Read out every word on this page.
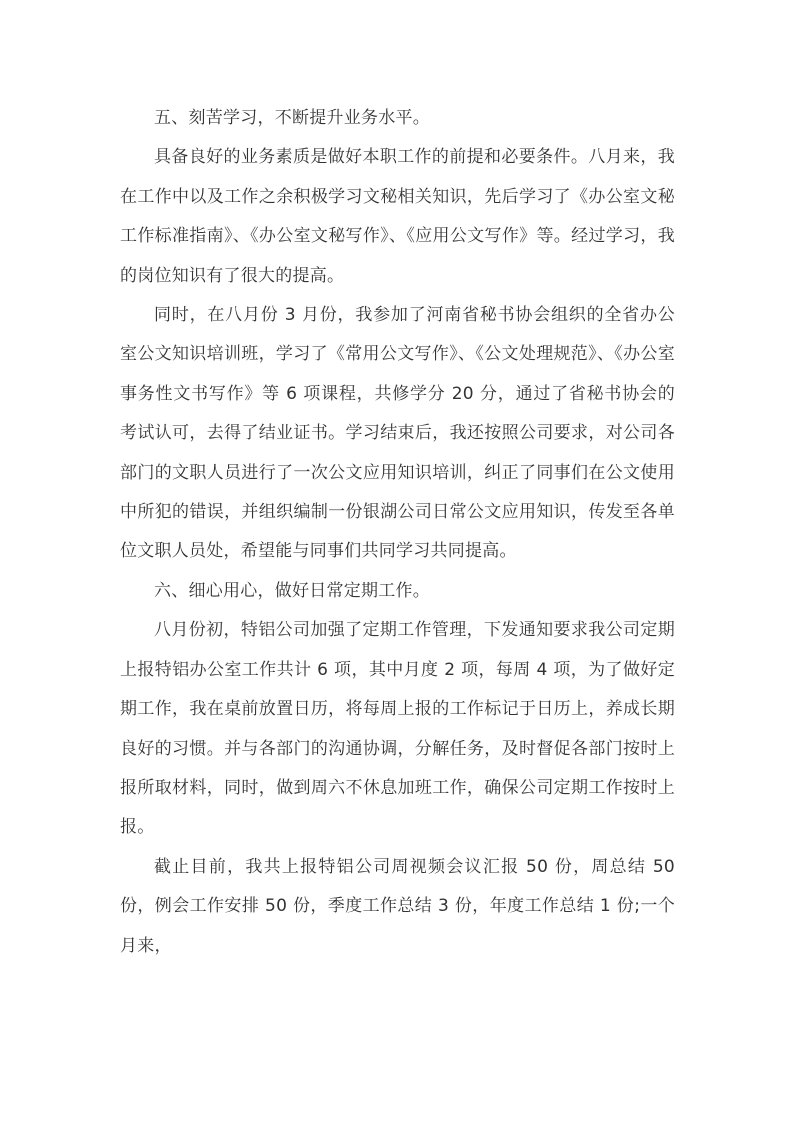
五、刻苦学习，不断提升业务水平。

具备良好的业务素质是做好本职工作的前提和必要条件。八月来，我在工作中以及工作之余积极学习文秘相关知识，先后学习了《办公室文秘工作标准指南》、《办公室文秘写作》、《应用公文写作》等。经过学习，我的岗位知识有了很大的提高。

同时，在八月份 3 月份，我参加了河南省秘书协会组织的全省办公室公文知识培训班，学习了《常用公文写作》、《公文处理规范》、《办公室事务性文书写作》等 6 项课程，共修学分 20 分，通过了省秘书协会的考试认可，去得了结业证书。学习结束后，我还按照公司要求，对公司各部门的文职人员进行了一次公文应用知识培训，纠正了同事们在公文使用中所犯的错误，并组织编制一份银湖公司日常公文应用知识，传发至各单位文职人员处，希望能与同事们共同学习共同提高。

六、细心用心，做好日常定期工作。

八月份初，特铝公司加强了定期工作管理，下发通知要求我公司定期上报特铝办公室工作共计 6 项，其中月度 2 项，每周 4 项，为了做好定期工作，我在桌前放置日历，将每周上报的工作标记于日历上，养成长期良好的习惯。并与各部门的沟通协调，分解任务，及时督促各部门按时上报所取材料，同时，做到周六不休息加班工作，确保公司定期工作按时上报。

截止目前，我共上报特铝公司周视频会议汇报 50 份，周总结 50 份，例会工作安排 50 份，季度工作总结 3 份，年度工作总结 1 份;一个月来，
